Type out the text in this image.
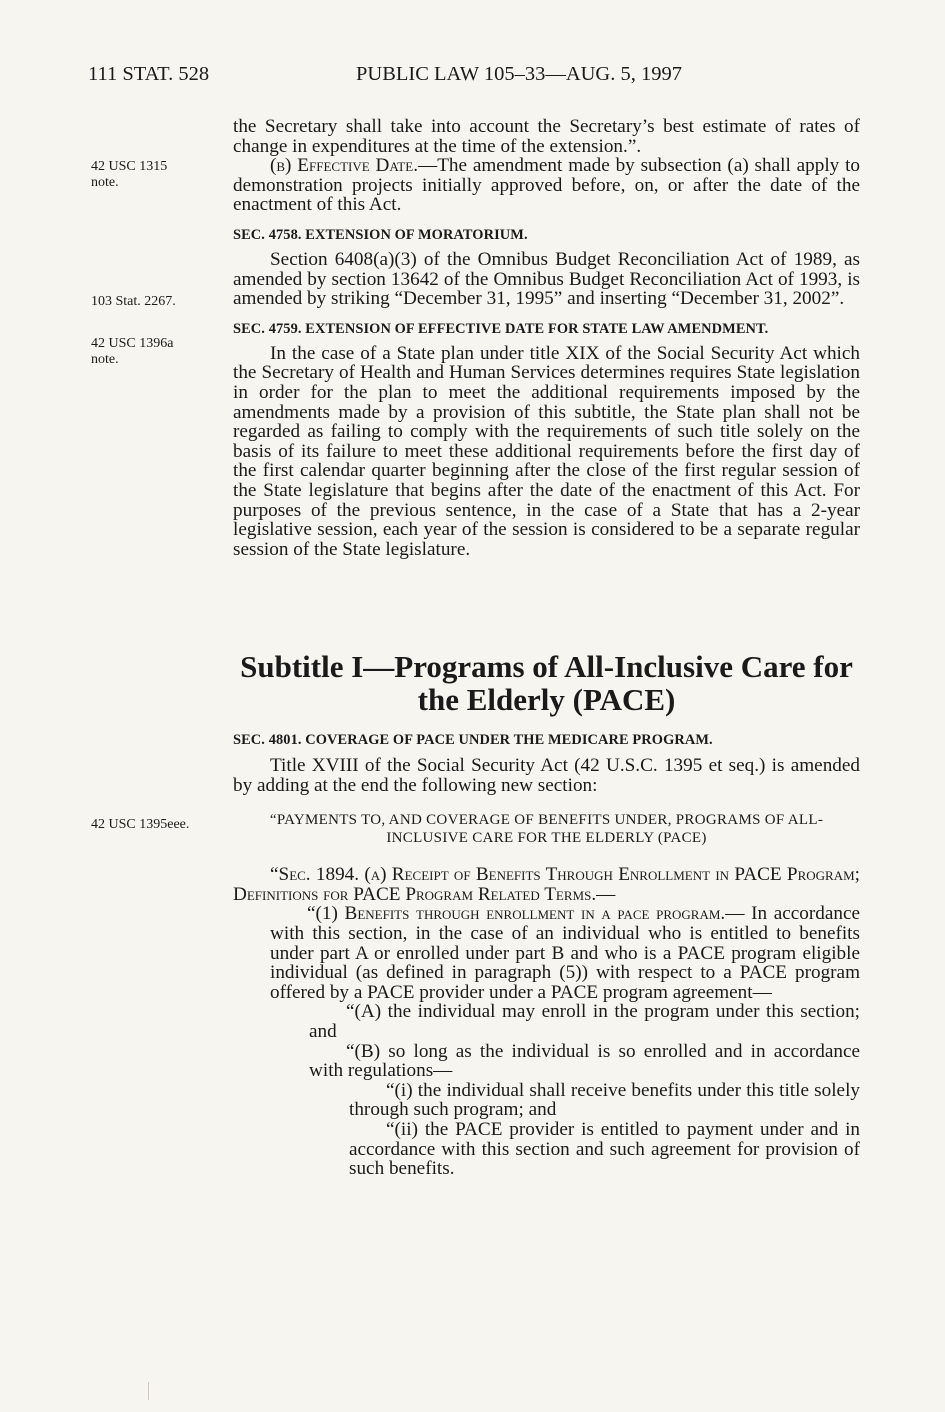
111 STAT. 528	PUBLIC LAW 105–33—AUG. 5, 1997
42 USC 1315 note.
103 Stat. 2267.
42 USC 1396a note.
42 USC 1395eee.

the Secretary shall take into account the Secretary’s best estimate of rates of change in expenditures at the time of the extension.”.

(b) Effective Date.—The amendment made by subsection (a) shall apply to demonstration projects initially approved before, on, or after the date of the enactment of this Act.

SEC. 4758. EXTENSION OF MORATORIUM.

Section 6408(a)(3) of the Omnibus Budget Reconciliation Act of 1989, as amended by section 13642 of the Omnibus Budget Reconciliation Act of 1993, is amended by striking “December 31, 1995” and inserting “December 31, 2002”.

SEC. 4759. EXTENSION OF EFFECTIVE DATE FOR STATE LAW AMENDMENT.

In the case of a State plan under title XIX of the Social Security Act which the Secretary of Health and Human Services determines requires State legislation in order for the plan to meet the additional requirements imposed by the amendments made by a provision of this subtitle, the State plan shall not be regarded as failing to comply with the requirements of such title solely on the basis of its failure to meet these additional requirements before the first day of the first calendar quarter beginning after the close of the first regular session of the State legislature that begins after the date of the enactment of this Act. For purposes of the previous sentence, in the case of a State that has a 2-year legislative session, each year of the session is considered to be a separate regular session of the State legislature.

Subtitle I—Programs of All-Inclusive Care for the Elderly (PACE)
SEC. 4801. COVERAGE OF PACE UNDER THE MEDICARE PROGRAM.

Title XVIII of the Social Security Act (42 U.S.C. 1395 et seq.) is amended by adding at the end the following new section:

“PAYMENTS TO, AND COVERAGE OF BENEFITS UNDER, PROGRAMS OF ALL-INCLUSIVE CARE FOR THE ELDERLY (PACE)

“Sec. 1894. (a) Receipt of Benefits Through Enrollment in PACE Program; Definitions for PACE Program Related Terms.—

“(1) Benefits through enrollment in a pace program.— In accordance with this section, in the case of an individual who is entitled to benefits under part A or enrolled under part B and who is a PACE program eligible individual (as defined in paragraph (5)) with respect to a PACE program offered by a PACE provider under a PACE program agreement—

“(A) the individual may enroll in the program under this section; and

“(B) so long as the individual is so enrolled and in accordance with regulations—

“(i) the individual shall receive benefits under this title solely through such program; and

“(ii) the PACE provider is entitled to payment under and in accordance with this section and such agreement for provision of such benefits.
